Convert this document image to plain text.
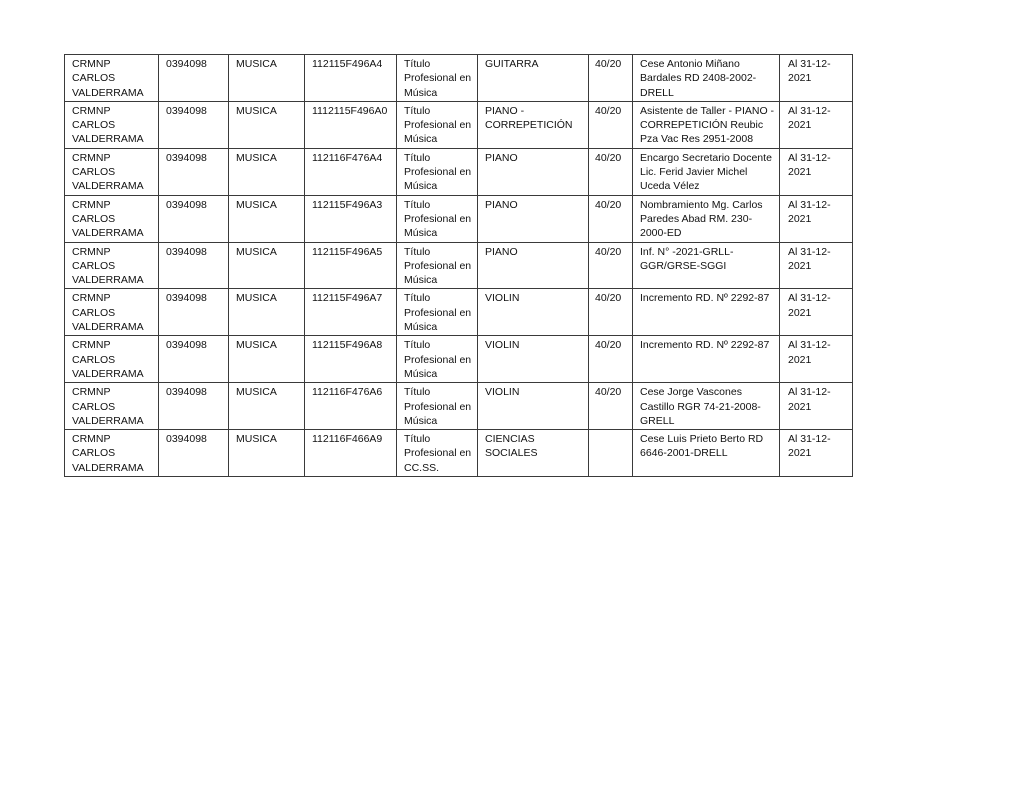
CRMNP CARLOS VALDERRAMA	0394098	MUSICA	112115F496A4	Título Profesional en Música	GUITARRA	40/20	Cese Antonio Miñano Bardales RD 2408-2002-DRELL	Al 31-12-2021
CRMNP CARLOS VALDERRAMA	0394098	MUSICA	1112115F496A0	Título Profesional en Música	PIANO - CORREPETICIÓN	40/20	Asistente de Taller - PIANO - CORREPETICIÓN Reubic Pza Vac Res 2951-2008	Al 31-12-2021
CRMNP CARLOS VALDERRAMA	0394098	MUSICA	112116F476A4	Título Profesional en Música	PIANO	40/20	Encargo Secretario Docente Lic. Ferid Javier Michel Uceda Vélez	Al 31-12-2021
CRMNP CARLOS VALDERRAMA	0394098	MUSICA	112115F496A3	Título Profesional en Música	PIANO	40/20	Nombramiento Mg. Carlos Paredes Abad RM. 230-2000-ED	Al 31-12-2021
CRMNP CARLOS VALDERRAMA	0394098	MUSICA	112115F496A5	Título Profesional en Música	PIANO	40/20	Inf. N° -2021-GRLL-GGR/GRSE-SGGI	Al 31-12-2021
CRMNP CARLOS VALDERRAMA	0394098	MUSICA	112115F496A7	Título Profesional en Música	VIOLIN	40/20	Incremento RD. Nº 2292-87	Al 31-12-2021
CRMNP CARLOS VALDERRAMA	0394098	MUSICA	112115F496A8	Título Profesional en Música	VIOLIN	40/20	Incremento RD. Nº 2292-87	Al 31-12-2021
CRMNP CARLOS VALDERRAMA	0394098	MUSICA	112116F476A6	Título Profesional en Música	VIOLIN	40/20	Cese Jorge Vascones Castillo RGR 74-21-2008-GRELL	Al 31-12-2021
CRMNP CARLOS VALDERRAMA	0394098	MUSICA	112116F466A9	Título Profesional en CC.SS.	CIENCIAS SOCIALES		Cese Luis Prieto Berto RD 6646-2001-DRELL	Al 31-12-2021
